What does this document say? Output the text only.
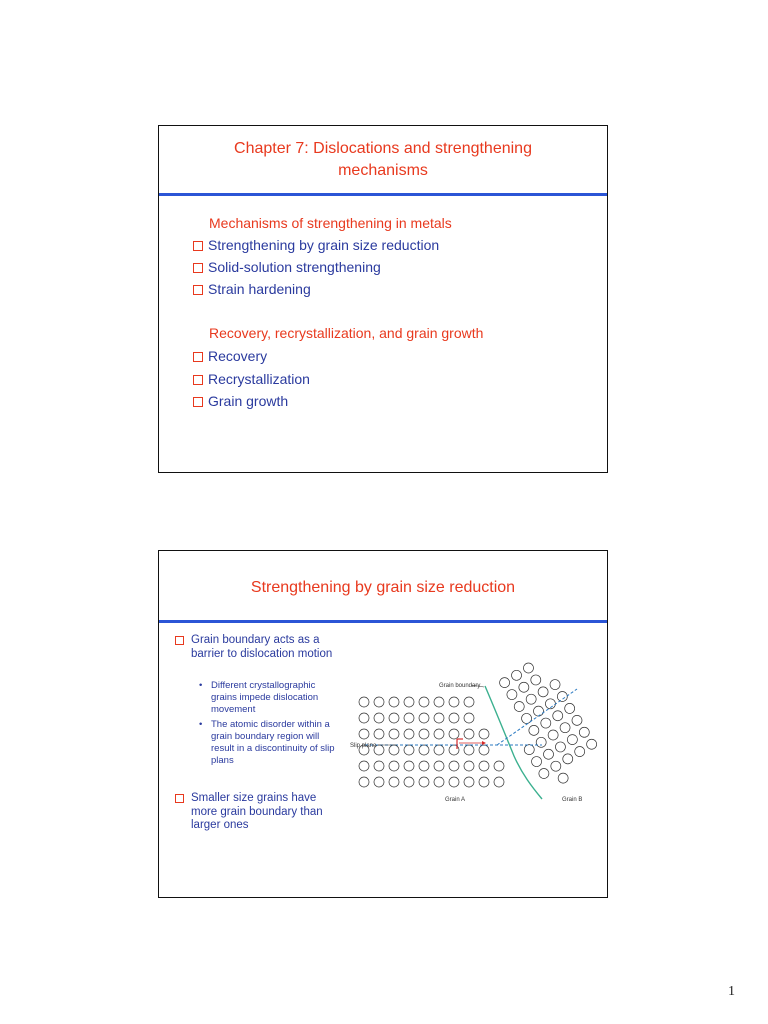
Chapter 7: Dislocations and strengthening
mechanisms
Mechanisms of strengthening in metals
Strengthening by grain size reduction
Solid-solution strengthening
Strain hardening
Recovery, recrystallization, and grain growth
Recovery
Recrystallization
Grain growth
Strengthening by grain size reduction
Grain boundary acts as a barrier to dislocation motion
• Different crystallographic grains impede dislocation movement
• The atomic disorder within a grain boundary region will result in a discontinuity of slip plans
Smaller size grains have more grain boundary than larger ones
Grain boundary
Slip plane
Grain A	Grain B
1
